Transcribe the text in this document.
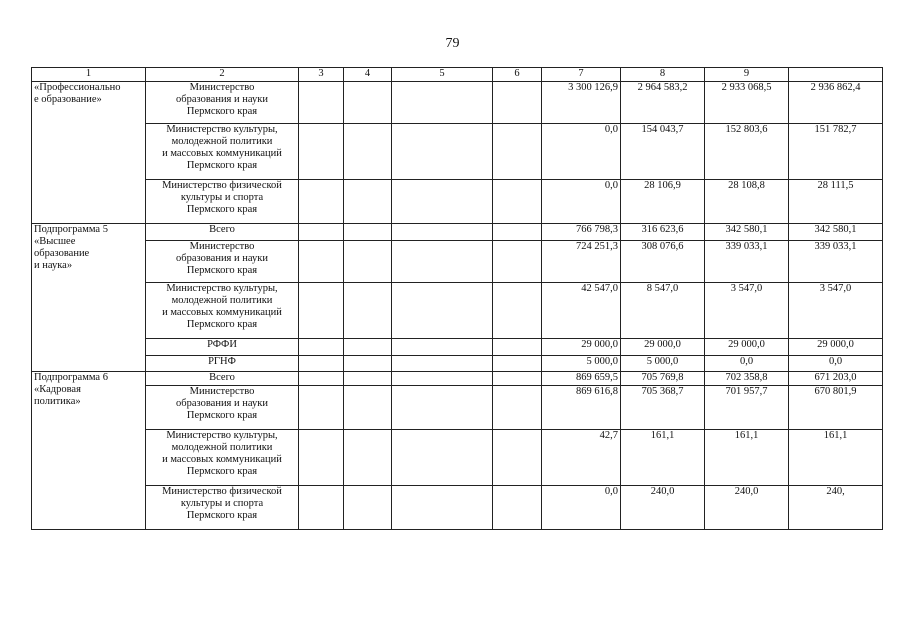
79
1	2	3	4	5	6	7	8	9	
«Профессионально
е образование»	Министерство
образования и науки
Пермского края					3 300 126,9	2 964 583,2	2 933 068,5	2 936 862,4
	Министерство культуры,
молодежной политики
и массовых коммуникаций
Пермского края					0,0	154 043,7	152 803,6	151 782,7
	Министерство физической
культуры и спорта
Пермского края					0,0	28 106,9	28 108,8	28 111,5
Подпрограмма 5
«Высшее
образование
и наука»	Всего					766 798,3	316 623,6	342 580,1	342 580,1
	Министерство
образования и науки
Пермского края					724 251,3	308 076,6	339 033,1	339 033,1
	Министерство культуры,
молодежной политики
и массовых коммуникаций
Пермского края					42 547,0	8 547,0	3 547,0	3 547,0
	РФФИ					29 000,0	29 000,0	29 000,0	29 000,0
	РГНФ					5 000,0	5 000,0	0,0	0,0
Подпрограмма 6
«Кадровая
политика»	Всего					869 659,5	705 769,8	702 358,8	671 203,0
	Министерство
образования и науки
Пермского края					869 616,8	705 368,7	701 957,7	670 801,9
	Министерство культуры,
молодежной политики
и массовых коммуникаций
Пермского края					42,7	161,1	161,1	161,1
	Министерство физической
культуры и спорта
Пермского края					0,0	240,0	240,0	240,
